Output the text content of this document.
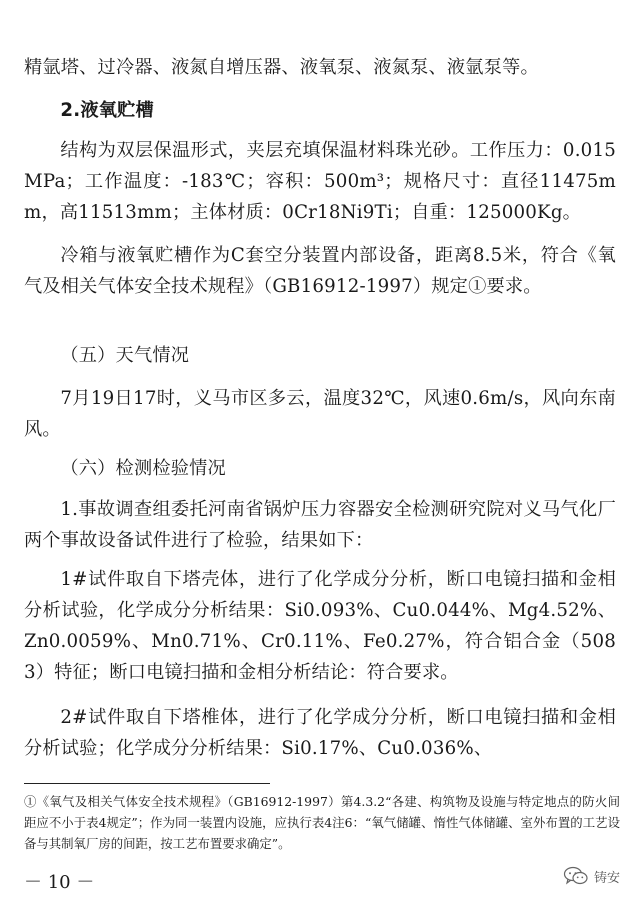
精氩塔、过冷器、液氮自增压器、液氧泵、液氮泵、液氩泵等。
2.液氧贮槽
结构为双层保温形式，夹层充填保温材料珠光砂。工作压力：0.015MPa；工作温度：-183℃；容积：500m³；规格尺寸：直径11475mm，高11513mm；主体材质：0Cr18Ni9Ti；自重：125000Kg。
冷箱与液氧贮槽作为C套空分装置内部设备，距离8.5米，符合《氧气及相关气体安全技术规程》（GB16912-1997）规定①要求。
（五）天气情况
7月19日17时，义马市区多云，温度32℃，风速0.6m/s，风向东南风。
（六）检测检验情况
1.事故调查组委托河南省锅炉压力容器安全检测研究院对义马气化厂两个事故设备试件进行了检验，结果如下：
1#试件取自下塔壳体，进行了化学成分分析，断口电镜扫描和金相分析试验，化学成分分析结果：Si0.093%、Cu0.044%、Mg4.52%、Zn0.0059%、Mn0.71%、Cr0.11%、Fe0.27%，符合铝合金（5083）特征；断口电镜扫描和金相分析结论：符合要求。
2#试件取自下塔椎体，进行了化学成分分析，断口电镜扫描和金相分析试验；化学成分分析结果：Si0.17%、Cu0.036%、
①《氧气及相关气体安全技术规程》（GB16912-1997）第4.3.2“各建、构筑物及设施与特定地点的防火间距应不小于表4规定”；作为同一装置内设施，应执行表4注6：“氧气储罐、惰性气体储罐、室外布置的工艺设备与其制氧厂房的间距，按工艺布置要求确定”。
－ 10 －	铸安
